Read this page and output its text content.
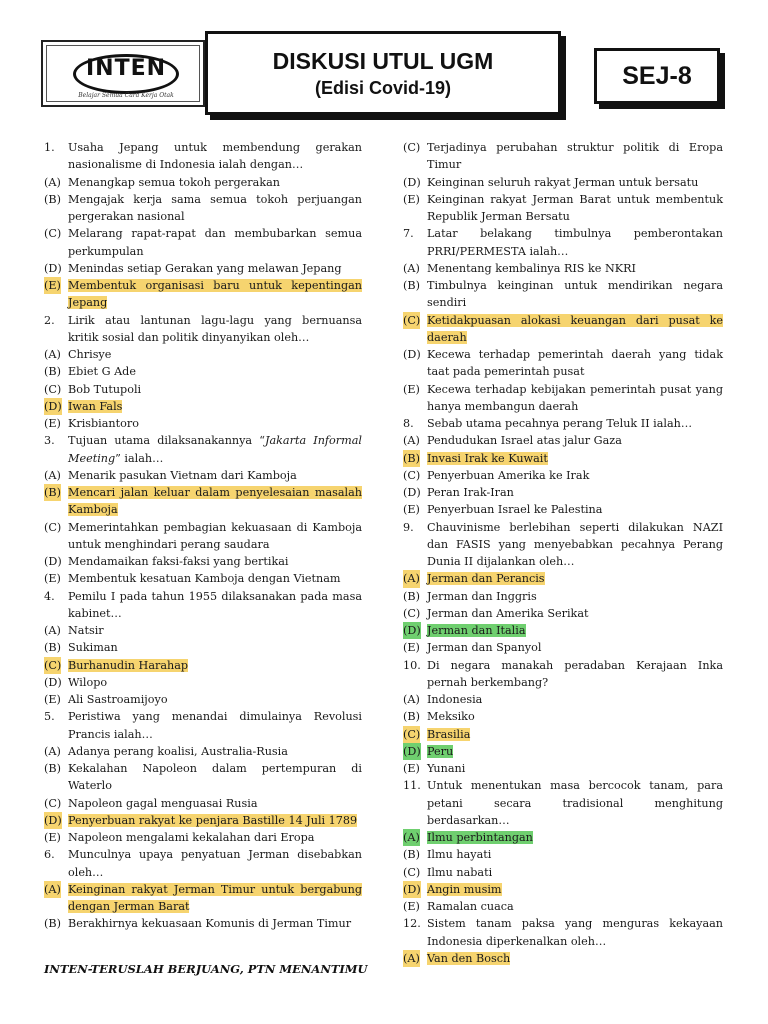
INTEN
Belajar Semua Cara Kerja Otak
DISKUSI UTUL UGM
(Edisi Covid-19)	SEJ-8
1. Usaha Jepang untuk membendung gerakan nasionalisme di Indonesia ialah dengan…
(A) Menangkap semua tokoh pergerakan
(B) Mengajak kerja sama semua tokoh perjuangan pergerakan nasional
(C) Melarang rapat-rapat dan membubarkan semua perkumpulan
(D) Menindas setiap Gerakan yang melawan Jepang
(E) Membentuk organisasi baru untuk kepentingan Jepang
2. Lirik atau lantunan lagu-lagu yang bernuansa kritik sosial dan politik dinyanyikan oleh…
(A) Chrisye
(B) Ebiet G Ade
(C) Bob Tutupoli
(D) Iwan Fals
(E) Krisbiantoro
3. Tujuan utama dilaksanakannya “Jakarta Informal Meeting” ialah…
(A) Menarik pasukan Vietnam dari Kamboja
(B) Mencari jalan keluar dalam penyelesaian masalah Kamboja
(C) Memerintahkan pembagian kekuasaan di Kamboja untuk menghindari perang saudara
(D) Mendamaikan faksi-faksi yang bertikai
(E) Membentuk kesatuan Kamboja dengan Vietnam
4. Pemilu I pada tahun 1955 dilaksanakan pada masa kabinet…
(A) Natsir
(B) Sukiman
(C) Burhanudin Harahap
(D) Wilopo
(E) Ali Sastroamijoyo
5. Peristiwa yang menandai dimulainya Revolusi Prancis ialah…
(A) Adanya perang koalisi, Australia-Rusia
(B) Kekalahan Napoleon dalam pertempuran di Waterlo
(C) Napoleon gagal menguasai Rusia
(D) Penyerbuan rakyat ke penjara Bastille 14 Juli 1789
(E) Napoleon mengalami kekalahan dari Eropa
6. Munculnya upaya penyatuan Jerman disebabkan oleh…
(A) Keinginan rakyat Jerman Timur untuk bergabung dengan Jerman Barat
(B) Berakhirnya kekuasaan Komunis di Jerman Timur
(C) Terjadinya perubahan struktur politik di Eropa Timur
(D) Keinginan seluruh rakyat Jerman untuk bersatu
(E) Keinginan rakyat Jerman Barat untuk membentuk Republik Jerman Bersatu
7. Latar belakang timbulnya pemberontakan PRRI/PERMESTA ialah…
(A) Menentang kembalinya RIS ke NKRI
(B) Timbulnya keinginan untuk mendirikan negara sendiri
(C) Ketidakpuasan alokasi keuangan dari pusat ke daerah
(D) Kecewa terhadap pemerintah daerah yang tidak taat pada pemerintah pusat
(E) Kecewa terhadap kebijakan pemerintah pusat yang hanya membangun daerah
8. Sebab utama pecahnya perang Teluk II ialah…
(A) Pendudukan Israel atas jalur Gaza
(B) Invasi Irak ke Kuwait
(C) Penyerbuan Amerika ke Irak
(D) Peran Irak-Iran
(E) Penyerbuan Israel ke Palestina
9. Chauvinisme berlebihan seperti dilakukan NAZI dan FASIS yang menyebabkan pecahnya Perang Dunia II dijalankan oleh…
(A) Jerman dan Perancis
(B) Jerman dan Inggris
(C) Jerman dan Amerika Serikat
(D) Jerman dan Italia
(E) Jerman dan Spanyol
10. Di negara manakah peradaban Kerajaan Inka pernah berkembang?
(A) Indonesia
(B) Meksiko
(C) Brasilia
(D) Peru
(E) Yunani
11. Untuk menentukan masa bercocok tanam, para petani secara tradisional menghitung berdasarkan…
(A) Ilmu perbintangan
(B) Ilmu hayati
(C) Ilmu nabati
(D) Angin musim
(E) Ramalan cuaca
12. Sistem tanam paksa yang menguras kekayaan Indonesia diperkenalkan oleh…
(A) Van den Bosch
INTEN-TERUSLAH BERJUANG, PTN MENANTIMU
